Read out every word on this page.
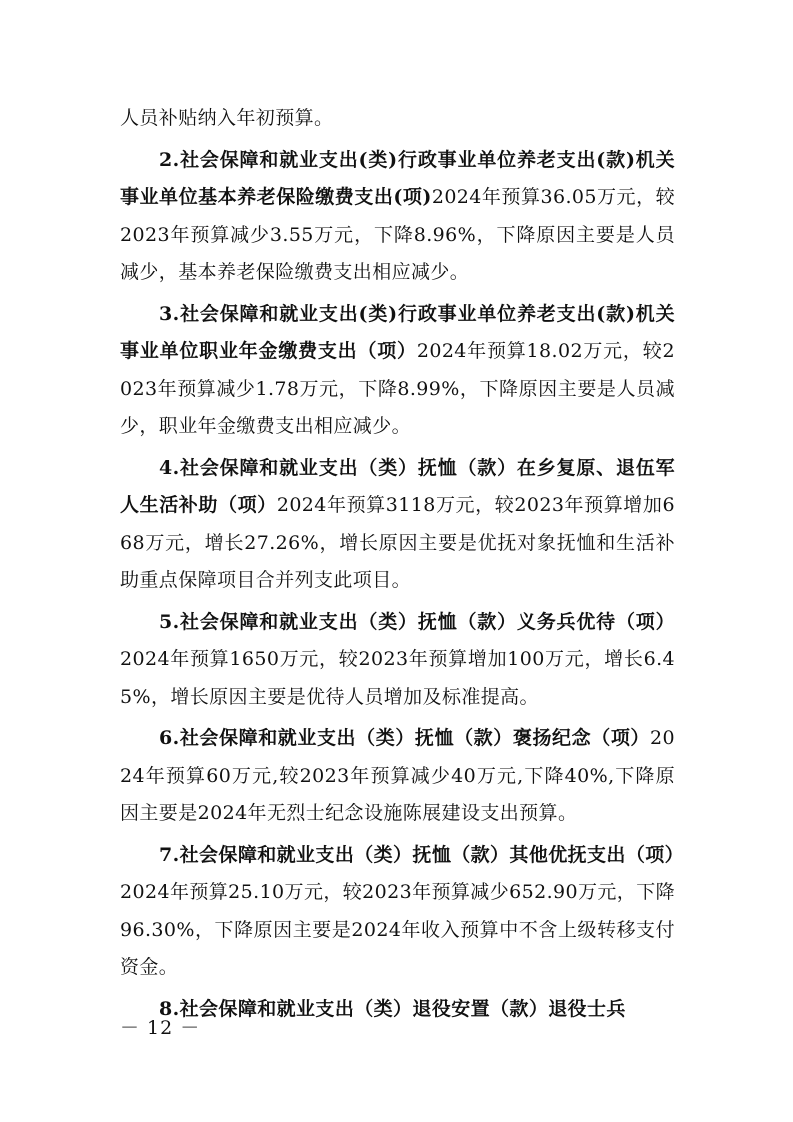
人员补贴纳入年初预算。

2.社会保障和就业支出(类)行政事业单位养老支出(款)机关事业单位基本养老保险缴费支出(项)2024年预算36.05万元，较2023年预算减少3.55万元，下降8.96%，下降原因主要是人员减少，基本养老保险缴费支出相应减少。

3.社会保障和就业支出(类)行政事业单位养老支出(款)机关事业单位职业年金缴费支出（项）2024年预算18.02万元，较2023年预算减少1.78万元，下降8.99%，下降原因主要是人员减少，职业年金缴费支出相应减少。

4.社会保障和就业支出（类）抚恤（款）在乡复原、退伍军人生活补助（项）2024年预算3118万元，较2023年预算增加668万元，增长27.26%，增长原因主要是优抚对象抚恤和生活补助重点保障项目合并列支此项目。

5.社会保障和就业支出（类）抚恤（款）义务兵优待（项）2024年预算1650万元，较2023年预算增加100万元，增长6.45%，增长原因主要是优待人员增加及标准提高。

6.社会保障和就业支出（类）抚恤（款）褒扬纪念（项）2024年预算60万元,较2023年预算减少40万元,下降40%,下降原因主要是2024年无烈士纪念设施陈展建设支出预算。

7.社会保障和就业支出（类）抚恤（款）其他优抚支出（项）2024年预算25.10万元，较2023年预算减少652.90万元，下降96.30%，下降原因主要是2024年收入预算中不含上级转移支付资金。

8.社会保障和就业支出（类）退役安置（款）退役士兵

－ 12 －
